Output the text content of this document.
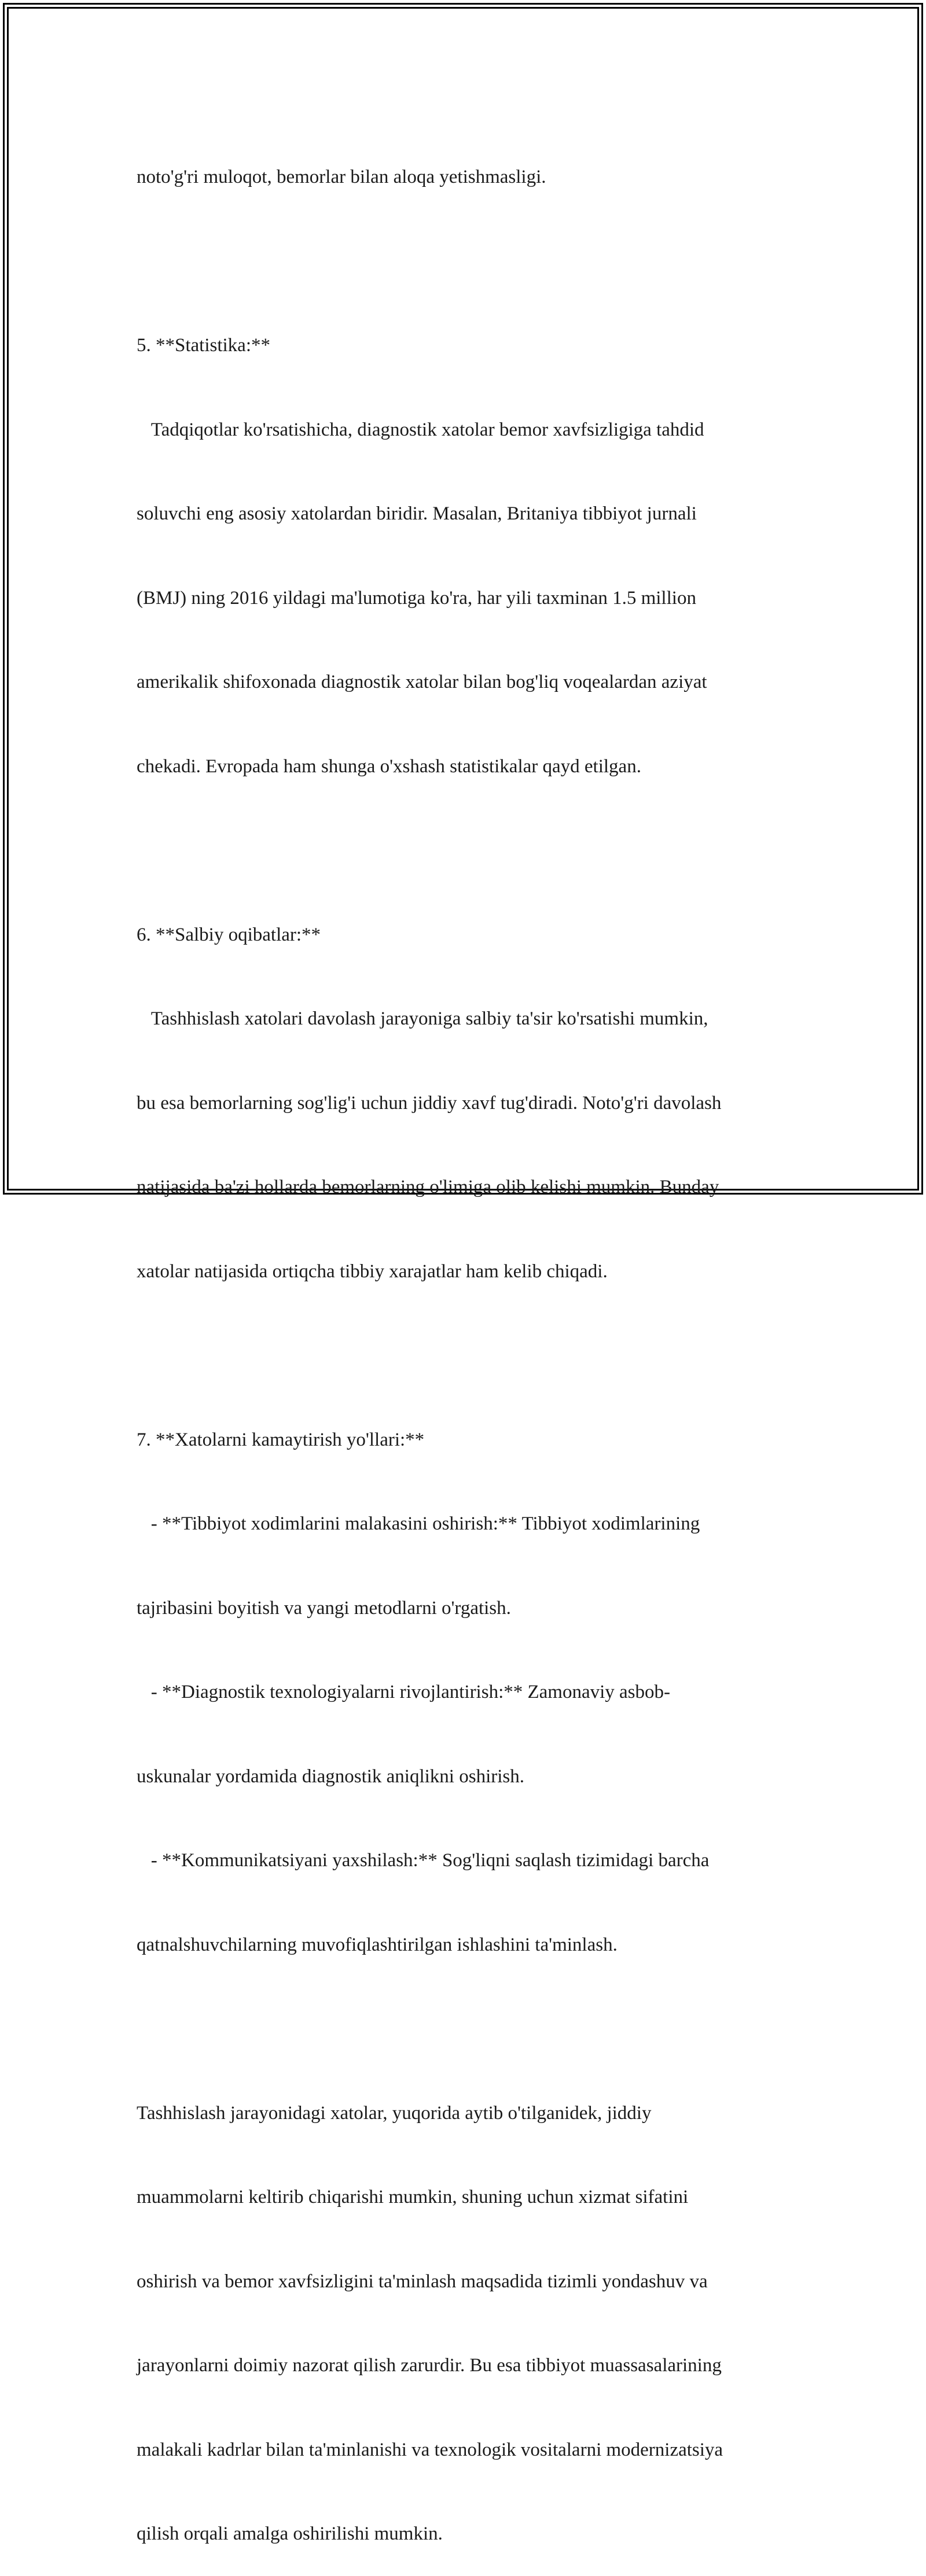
noto'g'ri muloqot, bemorlar bilan aloqa yetishmasligi.

5. **Statistika:**

Tadqiqotlar ko'rsatishicha, diagnostik xatolar bemor xavfsizligiga tahdid

soluvchi eng asosiy xatolardan biridir. Masalan, Britaniya tibbiyot jurnali

(BMJ) ning 2016 yildagi ma'lumotiga ko'ra, har yili taxminan 1.5 million

amerikalik shifoxonada diagnostik xatolar bilan bog'liq voqealardan aziyat

chekadi. Evropada ham shunga o'xshash statistikalar qayd etilgan.

6. **Salbiy oqibatlar:**

Tashhislash xatolari davolash jarayoniga salbiy ta'sir ko'rsatishi mumkin,

bu esa bemorlarning sog'lig'i uchun jiddiy xavf tug'diradi. Noto'g'ri davolash

natijasida ba'zi hollarda bemorlarning o'limiga olib kelishi mumkin. Bunday

xatolar natijasida ortiqcha tibbiy xarajatlar ham kelib chiqadi.

7. **Xatolarni kamaytirish yo'llari:**

- **Tibbiyot xodimlarini malakasini oshirish:** Tibbiyot xodimlarining

tajribasini boyitish va yangi metodlarni o'rgatish.

- **Diagnostik texnologiyalarni rivojlantirish:** Zamonaviy asbob-

uskunalar yordamida diagnostik aniqlikni oshirish.

- **Kommunikatsiyani yaxshilash:** Sog'liqni saqlash tizimidagi barcha

qatnalshuvchilarning muvofiqlashtirilgan ishlashini ta'minlash.

Tashhislash jarayonidagi xatolar, yuqorida aytib o'tilganidek, jiddiy

muammolarni keltirib chiqarishi mumkin, shuning uchun xizmat sifatini

oshirish va bemor xavfsizligini ta'minlash maqsadida tizimli yondashuv va

jarayonlarni doimiy nazorat qilish zarurdir. Bu esa tibbiyot muassasalarining

malakali kadrlar bilan ta'minlanishi va texnologik vositalarni modernizatsiya

qilish orqali amalga oshirilishi mumkin.
